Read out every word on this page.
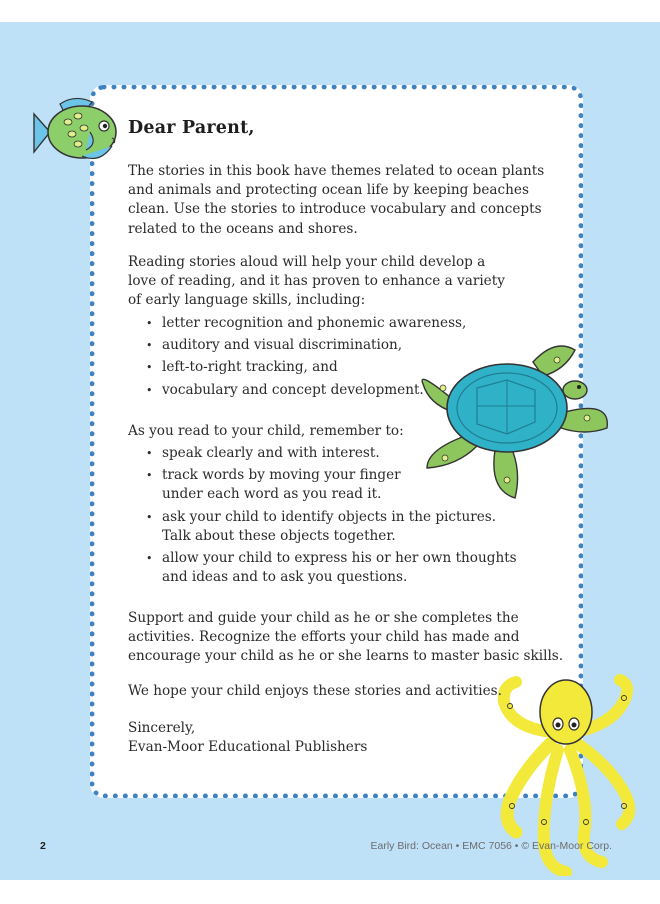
Dear Parent,

The stories in this book have themes related to ocean plants
and animals and protecting ocean life by keeping beaches
clean. Use the stories to introduce vocabulary and concepts
related to the oceans and shores.

Reading stories aloud will help your child develop a
love of reading, and it has proven to enhance a variety
of early language skills, including:

• letter recognition and phonemic awareness,
• auditory and visual discrimination,
• left-to-right tracking, and
• vocabulary and concept development.

As you read to your child, remember to:

• speak clearly and with interest.
• track words by moving your finger
under each word as you read it.
• ask your child to identify objects in the pictures.
Talk about these objects together.
• allow your child to express his or her own thoughts
and ideas and to ask you questions.

Support and guide your child as he or she completes the
activities. Recognize the efforts your child has made and
encourage your child as he or she learns to master basic skills.

We hope your child enjoys these stories and activities.

Sincerely,

Evan-Moor Educational Publishers

2	Early Bird: Ocean • EMC 7056 • © Evan-Moor Corp.
